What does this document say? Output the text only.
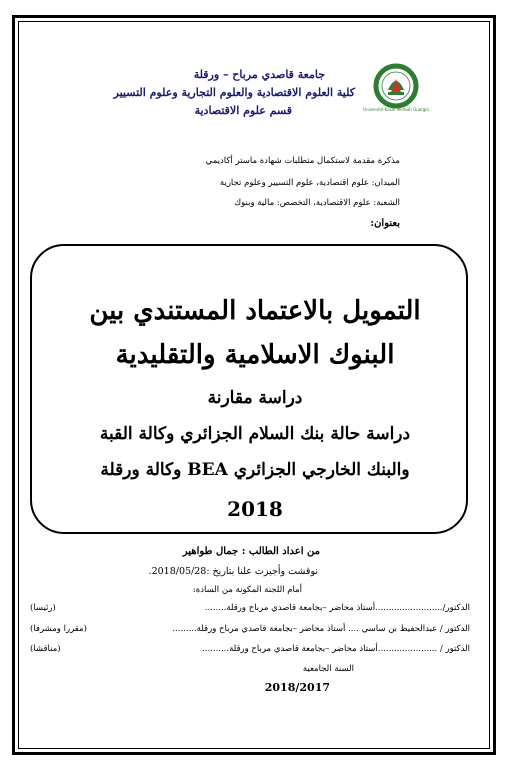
Université Kasdi Merbah Ouargla
جامعة قاصدي مرباح – ورقلة
كلية العلوم الاقتصادية والعلوم التجارية وعلوم التسيير
قسم علوم الاقتصادية
مذكرة مقدمة لاستكمال متطلبات شهادة ماستر أكاديمي
الميدان: علوم اقتصادية، علوم التسيير وعلوم تجارية
الشعبة: علوم الاقتصادية، التخصص: مالية وبنوك
بعنوان:
التمويل بالاعتماد المستندي بين
البنوك الاسلامية والتقليدية
دراسة مقارنة
دراسة حالة بنك السلام الجزائري وكالة القبة
والبنك الخارجي الجزائري BEA وكالة ورقلة
2018
من اعداد الطالب : جمال طواهير
نوقشت وأجيزت علنا بتاريخ :2018/05/28.
أمام اللجنة المكونة من السادة:
الدكتور/.........................أستاذ محاضر –بجامعة قاصدي مرباح ورقلة........
(رئيسا)
الدكتور / عبدالحفيظ بن ساسي .... أستاذ محاضر –بجامعة قاصدي مرباح ورقلة.........
(مقررا ومشرفا)
الدكتور / ......................أستاذ محاضر –بجامعة قاصدي مرباح ورقلة..........
(مناقشا)
السنة الجامعية
2018/2017
